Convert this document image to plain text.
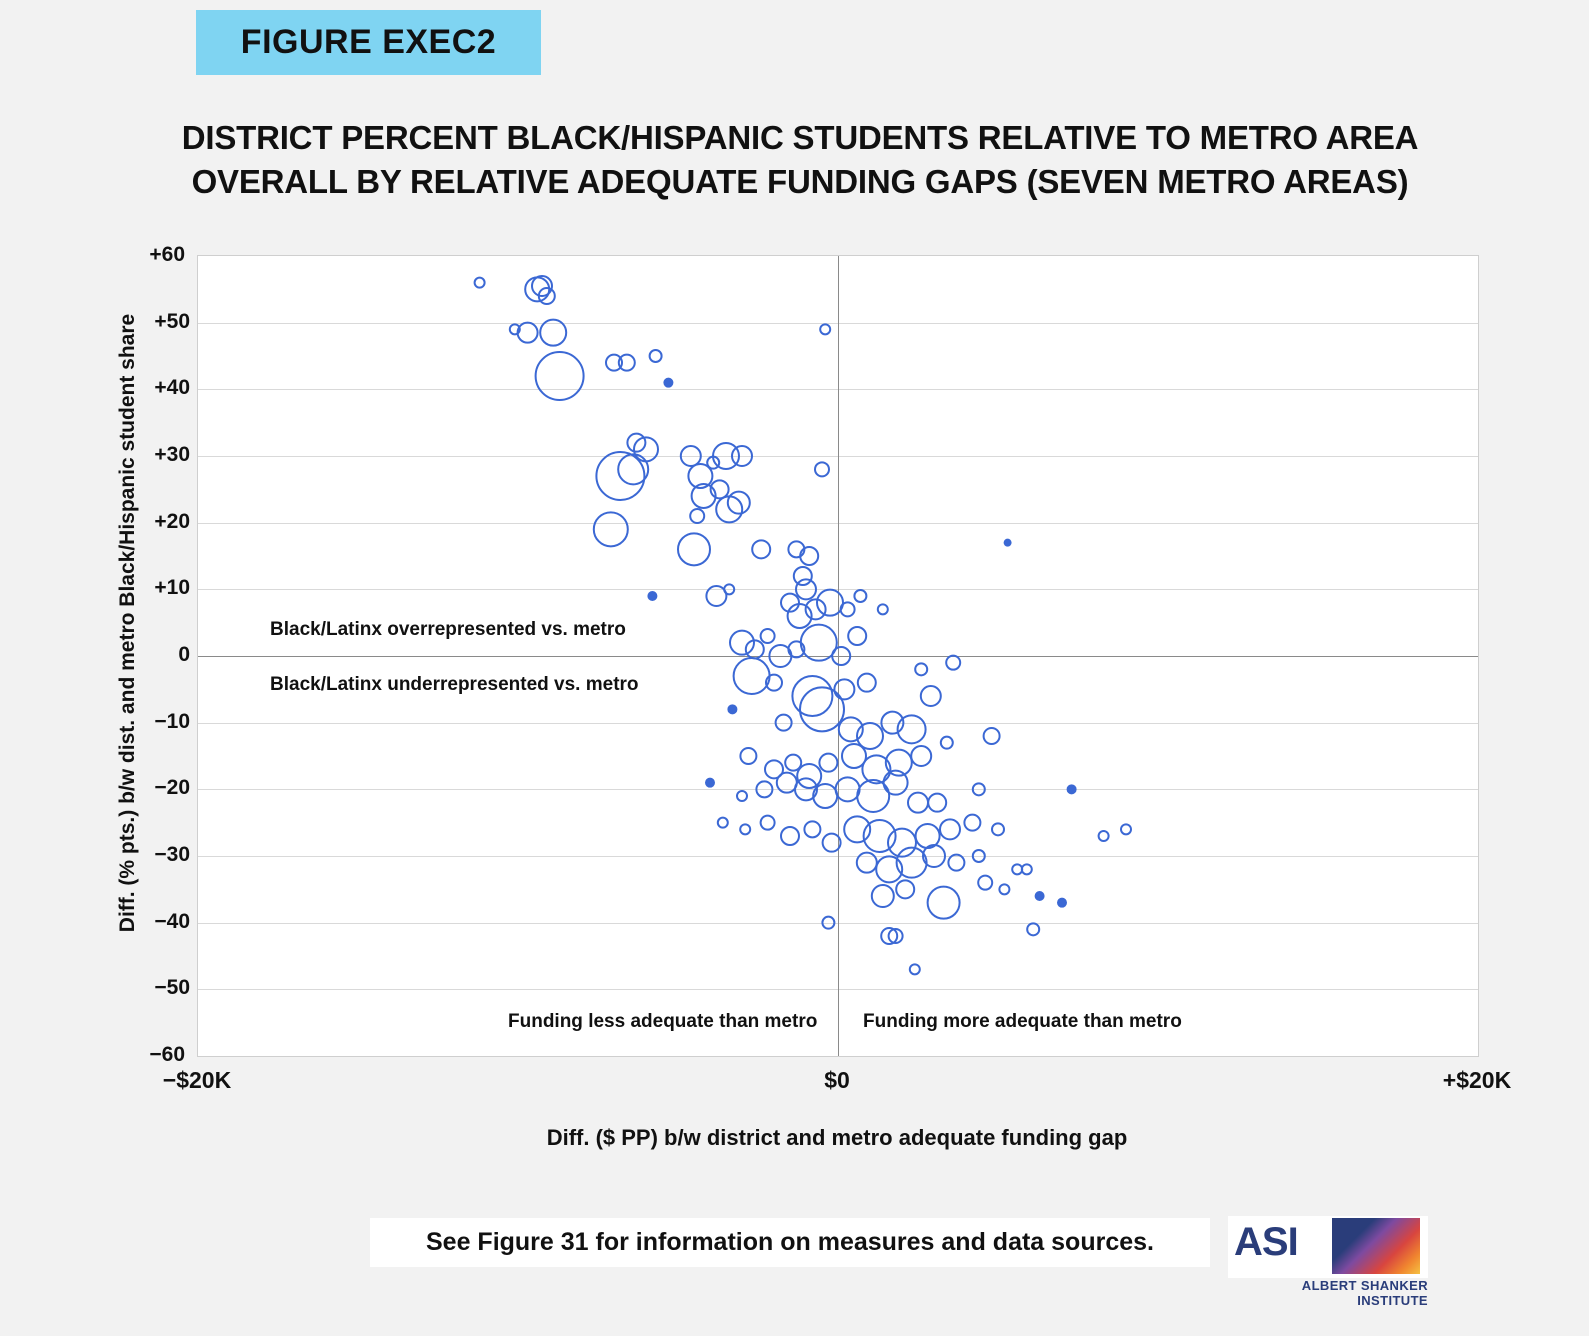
FIGURE EXEC2
DISTRICT PERCENT BLACK/HISPANIC STUDENTS RELATIVE TO METRO AREA OVERALL BY RELATIVE ADEQUATE FUNDING GAPS (SEVEN METRO AREAS)
Diff. (% pts.) b/w dist. and metro Black/Hispanic student share
+60
−60
−50
−40
−30
−20
−10
0
+10
+20
+30
+40
+50
Black/Latinx overrepresented vs. metro
Black/Latinx underrepresented vs. metro
Funding less adequate than metro Funding more adequate than metro
−$20K	$0	+$20K
Diff. ($ PP) b/w district and metro adequate funding gap
See Figure 31 for information on measures and data sources.	ASI
ALBERT SHANKER INSTITUTE
